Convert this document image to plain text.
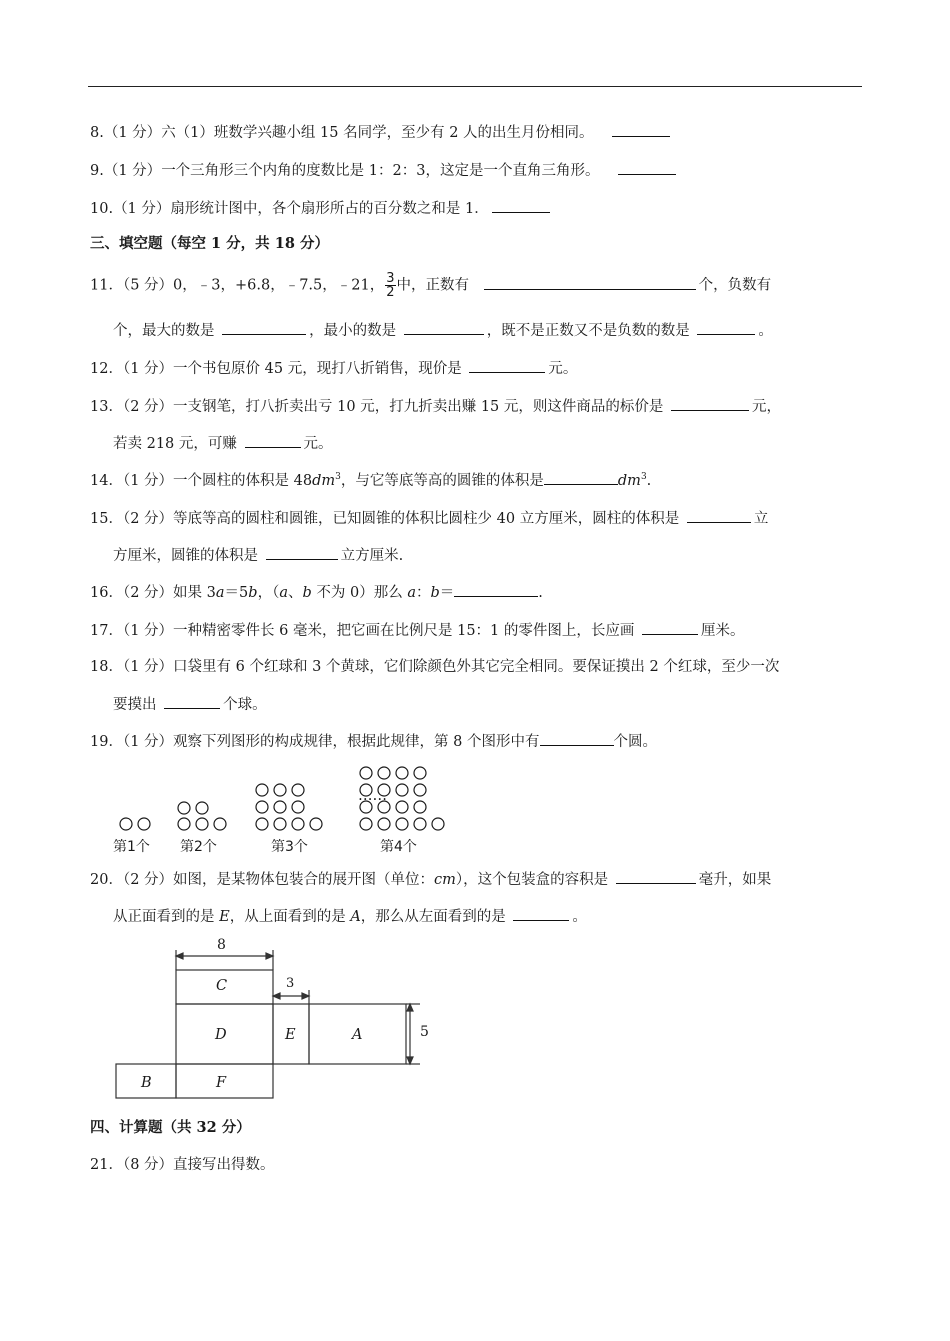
8.（1 分）六（1）班数学兴趣小组 15 名同学，至少有 2 人的出生月份相同。
9.（1 分）一个三角形三个内角的度数比是 1：2：3，这定是一个直角三角形。
10.（1 分）扇形统计图中，各个扇形所占的百分数之和是 1．
三、填空题（每空 1 分，共 18 分）
11．（5 分）0，﹣3，+6.8，﹣7.5，﹣21， $\frac{3}{2}$ 中，正数有	个，负数有
个，最大的数是	，最小的数是	，既不是正数又不是负数的数是	。
12．（1 分）一个书包原价 45 元，现打八折销售，现价是	元。
13．（2 分）一支钢笔，打八折卖出亏 10 元，打九折卖出赚 15 元，则这件商品的标价是	元，
若卖 218 元，可赚	元。
14．（1 分）一个圆柱的体积是 $48dm^3$，与它等底等高的圆锥的体积是	$dm^3$.
15．（2 分）等底等高的圆柱和圆锥，已知圆锥的体积比圆柱少 40 立方厘米，圆柱的体积是	立
方厘米，圆锥的体积是	立方厘米.
16．（2 分）如果 3a＝5b，（a、b 不为 0）那么 a：b＝	.
17．（1 分）一种精密零件长 6 毫米，把它画在比例尺是 15：1 的零件图上，长应画	厘米。
18．（1 分）口袋里有 6 个红球和 3 个黄球，它们除颜色外其它完全相同。要保证摸出 2 个红球，至少一次
要摸出	个球。
19．（1 分）观察下列图形的构成规律，根据此规律，第 8 个图形中有	个圆。
……
第1个 第2个	第3个	第4个
20．（2 分）如图，是某物体包装合的展开图（单位：cm），这个包装盒的容积是	毫升，如果
从正面看到的是 E，从上面看到的是 A，那么从左面看到的是	。
8
3
5
C
D	E	A
B	F
四、计算题（共 32 分）
21．（8 分）直接写出得数。
